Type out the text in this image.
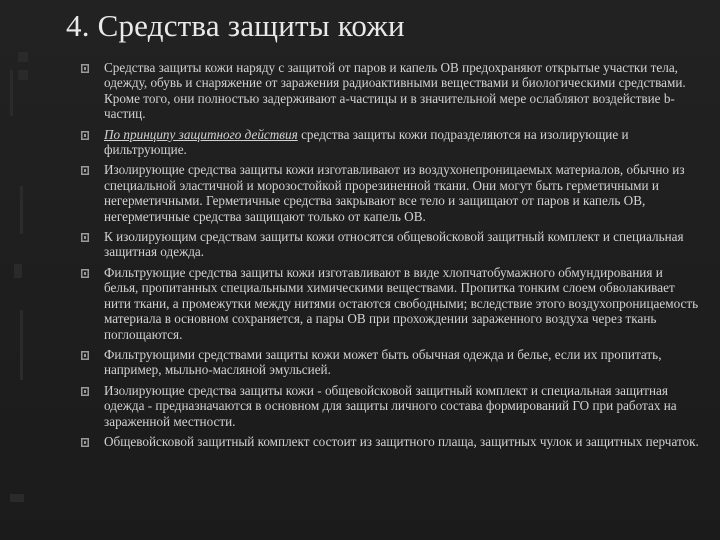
4. Средства защиты кожи
Средства защиты кожи наряду с защитой от паров и капель ОВ предохраняют открытые участки тела, одежду, обувь и снаряжение от заражения радиоактивными веществами и биологическими средствами. Кроме того, они полностью задерживают а-частицы и в значительной мере ослабляют воздействие b-частиц.
По принципу защитного действия средства защиты кожи подразделяются на изолирующие и фильтрующие.
Изолирующие средства защиты кожи изготавливают из воздухонепроницаемых материалов, обычно из специальной эластичной и морозостойкой прорезиненной ткани. Они могут быть герметичными и негерметичными. Герметичные средства закрывают все тело и защищают от паров и капель ОВ, негерметичные средства защищают только от капель ОВ.
К изолирующим средствам защиты кожи относятся общевойсковой защитный комплект и специальная защитная одежда.
Фильтрующие средства защиты кожи изготавливают в виде хлопчатобумажного обмундирования и белья, пропитанных специальными химическими веществами. Пропитка тонким слоем обволакивает нити ткани, а промежутки между нитями остаются свободными; вследствие этого воздухопроницаемость материала в основном сохраняется, а пары ОВ при прохождении зараженного воздуха через ткань поглощаются.
Фильтрующими средствами защиты кожи может быть обычная одежда и белье, если их пропитать, например, мыльно-масляной эмульсией.
Изолирующие средства защиты кожи - общевойсковой защитный комплект и специальная защитная одежда - предназначаются в основном для защиты личного состава формирований ГО при работах на зараженной местности.
Общевойсковой защитный комплект состоит из защитного плаща, защитных чулок и защитных перчаток.
